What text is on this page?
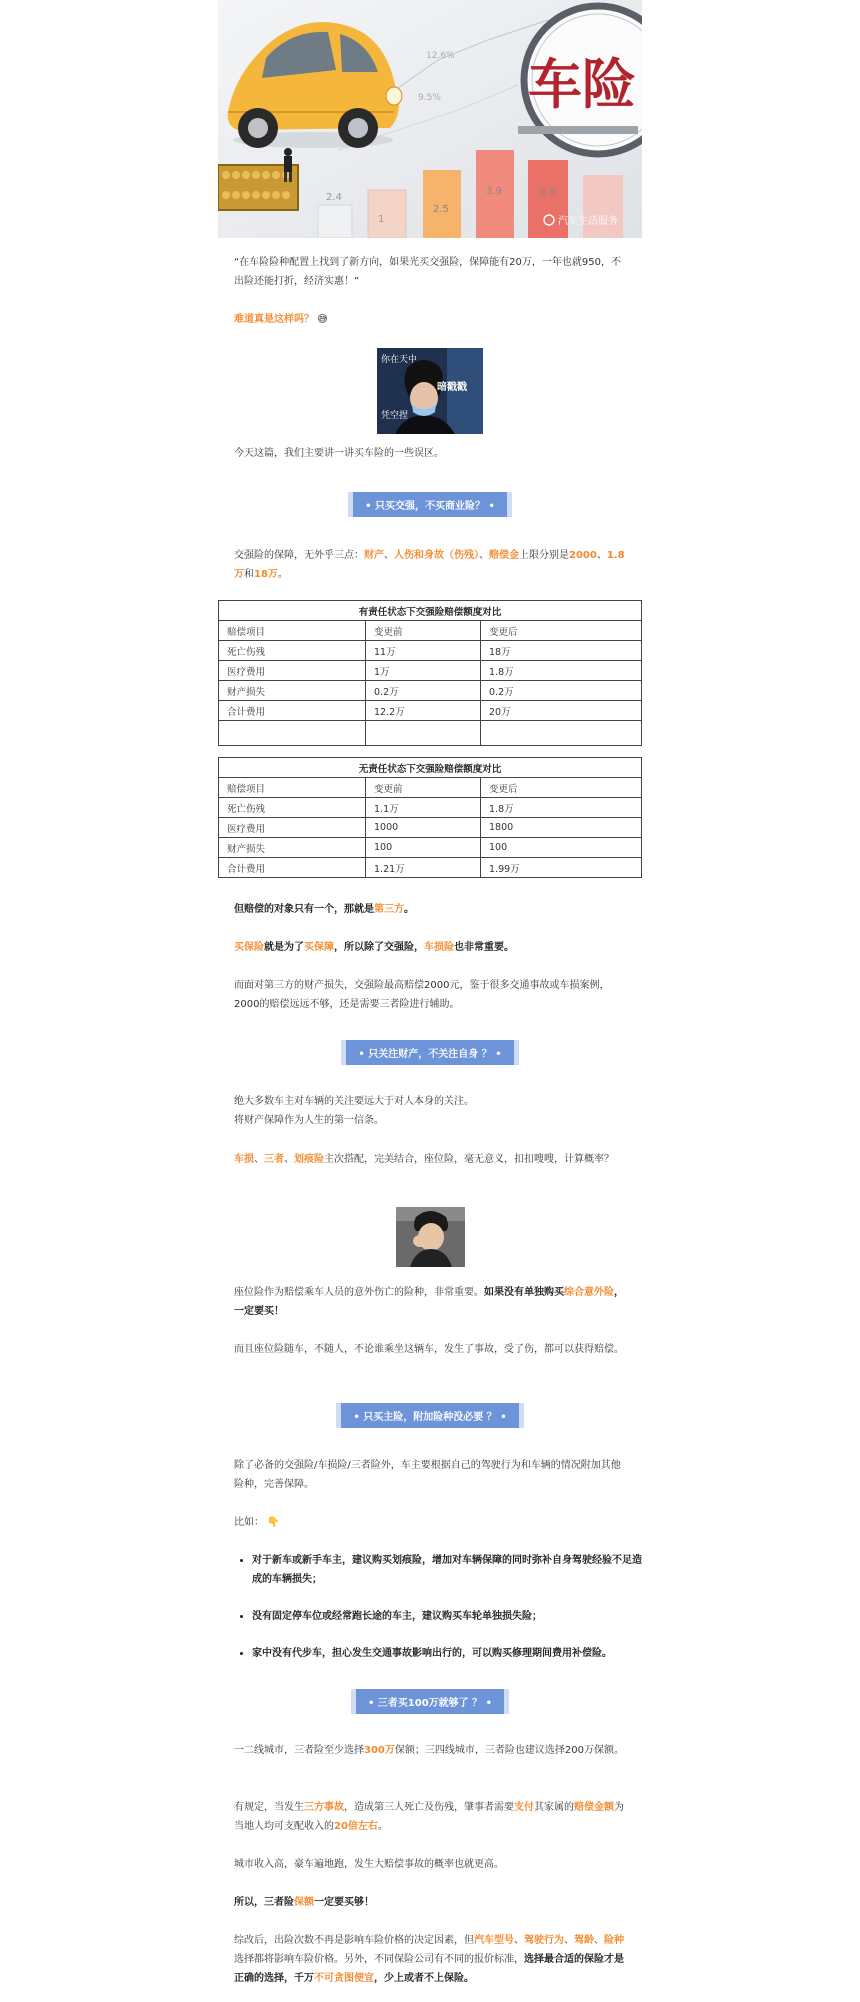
2.4
1
2.5
3.9	4.5
12.6%
9.5% 车险
汽车生活服务

“在车险险种配置上找到了新方向，如果光买交强险，保障能有20万，一年也就950，不出险还能打折，经济实惠！”

难道真是这样吗？ 😅

你在天中
暗戳戳
凭空捏

今天这篇，我们主要讲一讲买车险的一些误区。

• 只买交强，不买商业险？ •

交强险的保障，无外乎三点：财产、人伤和身故（伤残）、赔偿金上限分别是2000、1.8万和18万。

有责任状态下交强险赔偿额度对比		
赔偿项目	变更前	变更后
死亡伤残	11万	18万
医疗费用	1万	1.8万
财产损失	0.2万	0.2万
合计费用	12.2万	20万

无责任状态下交强险赔偿额度对比		
赔偿项目	变更前	变更后
死亡伤残	1.1万	1.8万
医疗费用	1000	1800
财产损失	100	100
合计费用	1.21万	1.99万

但赔偿的对象只有一个，那就是第三方。

买保险就是为了买保障，所以除了交强险，车损险也非常重要。

而面对第三方的财产损失，交强险最高赔偿2000元，鉴于很多交通事故或车损案例，2000的赔偿远远不够，还是需要三者险进行辅助。

• 只关注财产，不关注自身 ？ •

绝大多数车主对车辆的关注要远大于对人本身的关注。
将财产保障作为人生的第一信条。

车损、三者、划痕险主次搭配，完美结合，座位险，毫无意义，扣扣嗖嗖，计算概率？

座位险作为赔偿乘车人员的意外伤亡的险种，非常重要。如果没有单独购买综合意外险，一定要买！

而且座位险随车，不随人，不论谁乘坐这辆车，发生了事故，受了伤，都可以获得赔偿。

• 只买主险，附加险种没必要 ？ •

除了必备的交强险/车损险/三者险外，车主要根据自己的驾驶行为和车辆的情况附加其他险种，完善保障。

比如： 👇

• 对于新车或新手车主，建议购买划痕险，增加对车辆保障的同时弥补自身驾驶经验不足造成的车辆损失；
• 没有固定停车位或经常跑长途的车主，建议购买车轮单独损失险；
• 家中没有代步车，担心发生交通事故影响出行的，可以购买修理期间费用补偿险。
• 三者买100万就够了 ？ •

一二线城市，三者险至少选择300万保额；三四线城市，三者险也建议选择200万保额。

有规定，当发生三方事故，造成第三人死亡及伤残，肇事者需要支付其家属的赔偿金额为当地人均可支配收入的20倍左右。

城市收入高，豪车遍地跑，发生大赔偿事故的概率也就更高。

所以，三者险保额一定要买够！

综改后，出险次数不再是影响车险价格的决定因素，但汽车型号、驾驶行为、驾龄、险种选择都将影响车险价格。另外，不同保险公司有不同的报价标准，选择最合适的保险才是正确的选择，千万不可贪图便宜，少上或者不上保险。
